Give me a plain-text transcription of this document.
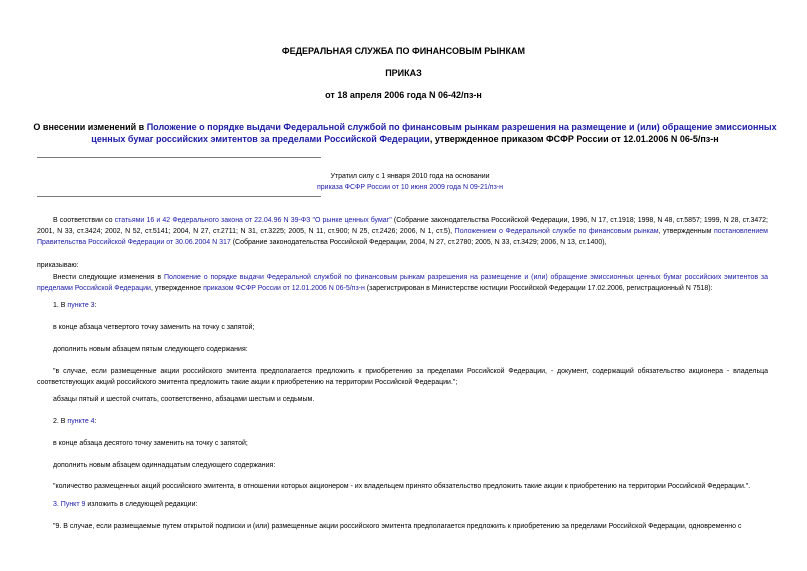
ФЕДЕРАЛЬНАЯ СЛУЖБА ПО ФИНАНСОВЫМ РЫНКАМ
ПРИКАЗ
от 18 апреля 2006 года N 06-42/пз-н
О внесении изменений в Положение о порядке выдачи Федеральной службой по финансовым рынкам разрешения на размещение и (или) обращение эмиссионных ценных бумаг российских эмитентов за пределами Российской Федерации, утвержденное приказом ФСФР России от 12.01.2006 N 06-5/пз-н
Утратил силу с 1 января 2010 года на основании
приказа ФСФР России от 10 июня 2009 года N 09-21/пз-н
В соответствии со статьями 16 и 42 Федерального закона от 22.04.96 N 39-ФЗ "О рынке ценных бумаг" (Собрание законодательства Российской Федерации, 1996, N 17, ст.1918; 1998, N 48, ст.5857; 1999, N 28, ст.3472; 2001, N 33, ст.3424; 2002, N 52, ст.5141; 2004, N 27, ст.2711; N 31, ст.3225; 2005, N 11, ст.900; N 25, ст.2426; 2006, N 1, ст.5), Положением о Федеральной службе по финансовым рынкам, утвержденным постановлением Правительства Российской Федерации от 30.06.2004 N 317 (Собрание законодательства Российской Федерации, 2004, N 27, ст.2780; 2005, N 33, ст.3429; 2006, N 13, ст.1400),
приказываю:
Внести следующие изменения в Положение о порядке выдачи Федеральной службой по финансовым рынкам разрешения на размещение и (или) обращение эмиссионных ценных бумаг российских эмитентов за пределами Российской Федерации, утвержденное приказом ФСФР России от 12.01.2006 N 06-5/пз-н (зарегистрирован в Министерстве юстиции Российской Федерации 17.02.2006, регистрационный N 7518):
1. В пункте 3:
в конце абзаца четвертого точку заменить на точку с запятой;
дополнить новым абзацем пятым следующего содержания:
"в случае, если размещенные акции российского эмитента предполагается предложить к приобретению за пределами Российской Федерации, - документ, содержащий обязательство акционера - владельца соответствующих акций российского эмитента предложить такие акции к приобретению на территории Российской Федерации.";
абзацы пятый и шестой считать, соответственно, абзацами шестым и седьмым.
2. В пункте 4:
в конце абзаца десятого точку заменить на точку с запятой;
дополнить новым абзацем одиннадцатым следующего содержания:
"количество размещенных акций российского эмитента, в отношении которых акционером - их владельцем принято обязательство предложить такие акции к приобретению на территории Российской Федерации.".
3. Пункт 9 изложить в следующей редакции:
"9. В случае, если размещаемые путем открытой подписки и (или) размещенные акции российского эмитента предполагается предложить к приобретению за пределами Российской Федерации, одновременно с
